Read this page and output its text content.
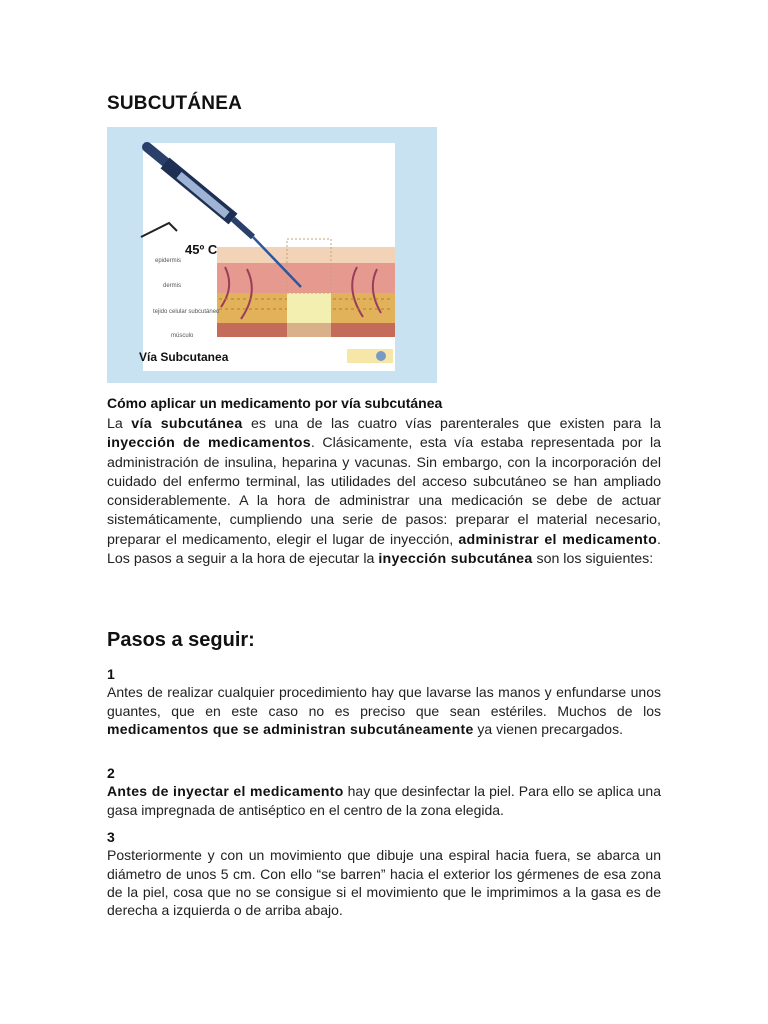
SUBCUTÁNEA
45º C
epidermis
dermis
tejido celular subcutáneo
músculo
Vía Subcutanea
Cómo aplicar un medicamento por vía subcutánea
La vía subcutánea es una de las cuatro vías parenterales que existen para la inyección de medicamentos. Clásicamente, esta vía estaba representada por la administración de insulina, heparina y vacunas. Sin embargo, con la incorporación del cuidado del enfermo terminal, las utilidades del acceso subcutáneo se han ampliado considerablemente. A la hora de administrar una medicación se debe de actuar sistemáticamente, cumpliendo una serie de pasos: preparar el material necesario, preparar el medicamento, elegir el lugar de inyección, administrar el medicamento. Los pasos a seguir a la hora de ejecutar la inyección subcutánea son los siguientes:
Pasos a seguir:
1
Antes de realizar cualquier procedimiento hay que lavarse las manos y enfundarse unos guantes, que en este caso no es preciso que sean estériles. Muchos de los medicamentos que se administran subcutáneamente ya vienen precargados.
2
Antes de inyectar el medicamento hay que desinfectar la piel. Para ello se aplica una gasa impregnada de antiséptico en el centro de la zona elegida.
3
Posteriormente y con un movimiento que dibuje una espiral hacia fuera, se abarca un diámetro de unos 5 cm. Con ello “se barren” hacia el exterior los gérmenes de esa zona de la piel, cosa que no se consigue si el movimiento que le imprimimos a la gasa es de derecha a izquierda o de arriba abajo.
